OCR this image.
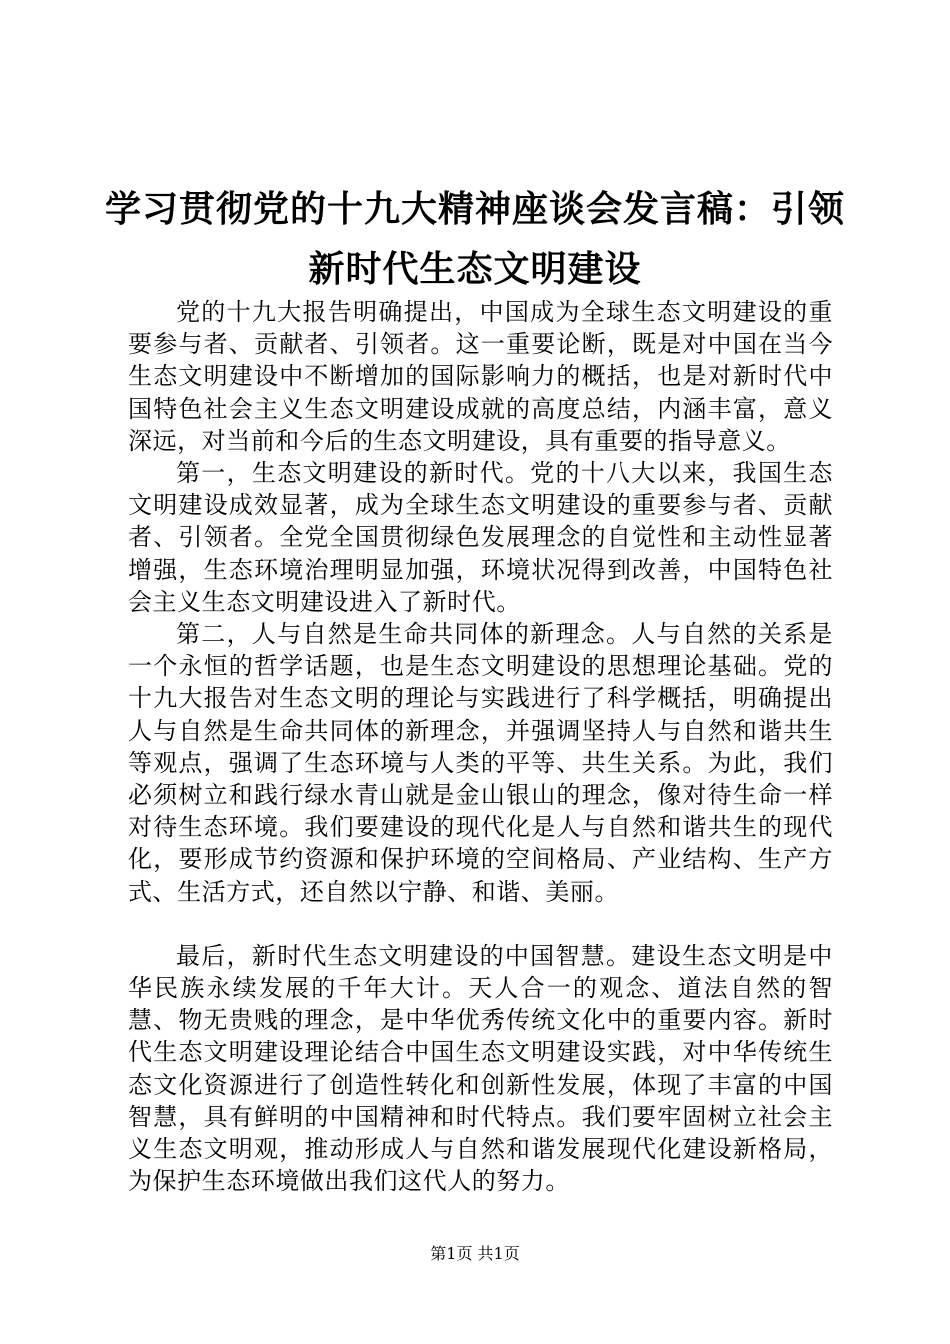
学习贯彻党的十九大精神座谈会发言稿：引领
新时代生态文明建设

党的十九大报告明确提出，中国成为全球生态文明建设的重要参与者、贡献者、引领者。这一重要论断，既是对中国在当今生态文明建设中不断增加的国际影响力的概括，也是对新时代中国特色社会主义生态文明建设成就的高度总结，内涵丰富，意义深远，对当前和今后的生态文明建设，具有重要的指导意义。

第一，生态文明建设的新时代。党的十八大以来，我国生态文明建设成效显著，成为全球生态文明建设的重要参与者、贡献者、引领者。全党全国贯彻绿色发展理念的自觉性和主动性显著增强，生态环境治理明显加强，环境状况得到改善，中国特色社会主义生态文明建设进入了新时代。

第二，人与自然是生命共同体的新理念。人与自然的关系是一个永恒的哲学话题，也是生态文明建设的思想理论基础。党的十九大报告对生态文明的理论与实践进行了科学概括，明确提出人与自然是生命共同体的新理念，并强调坚持人与自然和谐共生等观点，强调了生态环境与人类的平等、共生关系。为此，我们必须树立和践行绿水青山就是金山银山的理念，像对待生命一样对待生态环境。我们要建设的现代化是人与自然和谐共生的现代化，要形成节约资源和保护环境的空间格局、产业结构、生产方式、生活方式，还自然以宁静、和谐、美丽。

最后，新时代生态文明建设的中国智慧。建设生态文明是中华民族永续发展的千年大计。天人合一的观念、道法自然的智慧、物无贵贱的理念，是中华优秀传统文化中的重要内容。新时代生态文明建设理论结合中国生态文明建设实践，对中华传统生态文化资源进行了创造性转化和创新性发展，体现了丰富的中国智慧，具有鲜明的中国精神和时代特点。我们要牢固树立社会主义生态文明观，推动形成人与自然和谐发展现代化建设新格局，为保护生态环境做出我们这代人的努力。

第1页 共1页
